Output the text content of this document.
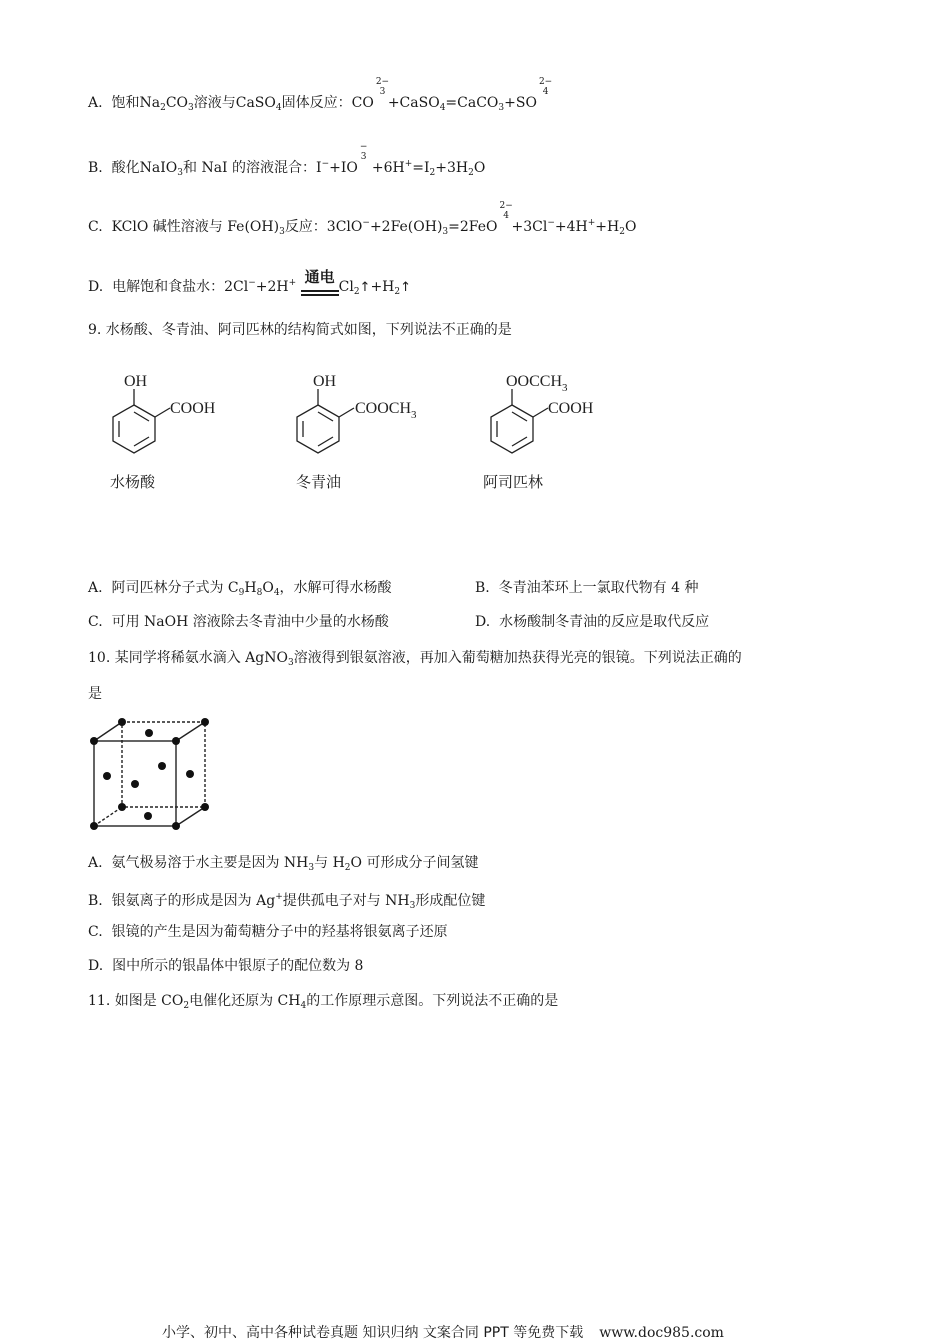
A. 饱和$Na_2CO_3$溶液与CaSO$_4$固体反应：CO
2−
3
+CaSO$_4$=CaCO$_3$+SO
2−
4
B. 酸化NaIO$_3$和 NaI 的溶液混合：I−+IO
−
3
$+6H^+=I_2+3H_2O$
C. KClO 碱性溶液与 $Fe(OH)_3$反应：$3ClO^-+2Fe(OH)_3=2FeO$
2−
4
$+3Cl^-+4H^++H_2O$
D. 电解饱和食盐水：2Cl−+2H+ 通电
$Cl_2↑+H_2↑$
9. 水杨酸、冬青油、阿司匹林的结构简式如图，下列说法不正确的是
OH
COOH
OH
$COOCH_3$
$OOCCH_3$
COOH
水杨酸	冬青油	阿司匹林
A. 阿司匹林分子式为 $C_9H_8O_4$，水解可得水杨酸	B. 冬青油苯环上一氯取代物有 4 种
C. 可用 NaOH 溶液除去冬青油中少量的水杨酸	D. 水杨酸制冬青油的反应是取代反应
10. 某同学将稀氨水滴入 AgNO$_3$溶液得到银氨溶液，再加入葡萄糖加热获得光亮的银镜。下列说法正确的
是
A. 氨气极易溶于水主要是因为 $NH_3$与 $H_2O$ 可形成分子间氢键
B. 银氨离子的形成是因为 Ag+提供孤电子对与 $NH_3$形成配位键
C. 银镜的产生是因为葡萄糖分子中的羟基将银氨离子还原
D. 图中所示的银晶体中银原子的配位数为 8
11. 如图是 $CO_2$电催化还原为 $CH_4$的工作原理示意图。下列说法不正确的是
小学、初中、高中各种试卷真题 知识归纳 文案合同 PPT 等免费下载 www.doc985.com
